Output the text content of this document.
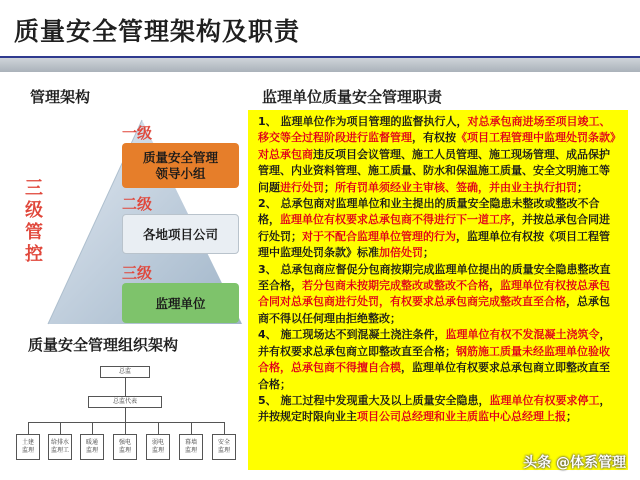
质量安全管理架构及职责
管理架构
三
级
管
控
一级
二级
三级
质量安全管理
领导小组
各地项目公司
监理单位
质量安全管理组织架构
总监
总监代表
土建
监理
给排水
监理工
暖通
监理
强电
监理
弱电
监理
幕墙
监理
安全
监理
监理单位质量安全管理职责
1、 监理单位作为项目管理的监督执行人，对总承包商进场至项目竣工、移交等全过程阶段进行监督管理，有权按《项目工程管理中监理处罚条款》对总承包商违反项目会议管理、施工人员管理、施工现场管理、成品保护管理、内业资料管理、施工质量、防水和保温施工质量、安全文明施工等问题进行处罚；所有罚单须经业主审核、签确，并由业主执行扣罚；
2、 总承包商对监理单位和业主提出的质量安全隐患未整改或整改不合格，监理单位有权要求总承包商不得进行下一道工序，并按总承包合同进行处罚；对于不配合监理单位管理的行为，监理单位有权按《项目工程管理中监理处罚条款》标准加倍处罚；
3、 总承包商应督促分包商按期完成监理单位提出的质量安全隐患整改直至合格，若分包商未按期完成整改或整改不合格，监理单位有权按总承包合同对总承包商进行处罚，有权要求总承包商完成整改直至合格，总承包商不得以任何理由拒绝整改；
4、 施工现场达不到混凝土浇注条件，监理单位有权不发混凝土浇筑令，并有权要求总承包商立即整改直至合格；钢筋施工质量未经监理单位验收合格，总承包商不得擅自合模，监理单位有权要求总承包商立即整改直至合格；
5、 施工过程中发现重大及以上质量安全隐患，监理单位有权要求停工，并按规定时限向业主项目公司总经理和业主质监中心总经理上报；
头条 @体系管理
